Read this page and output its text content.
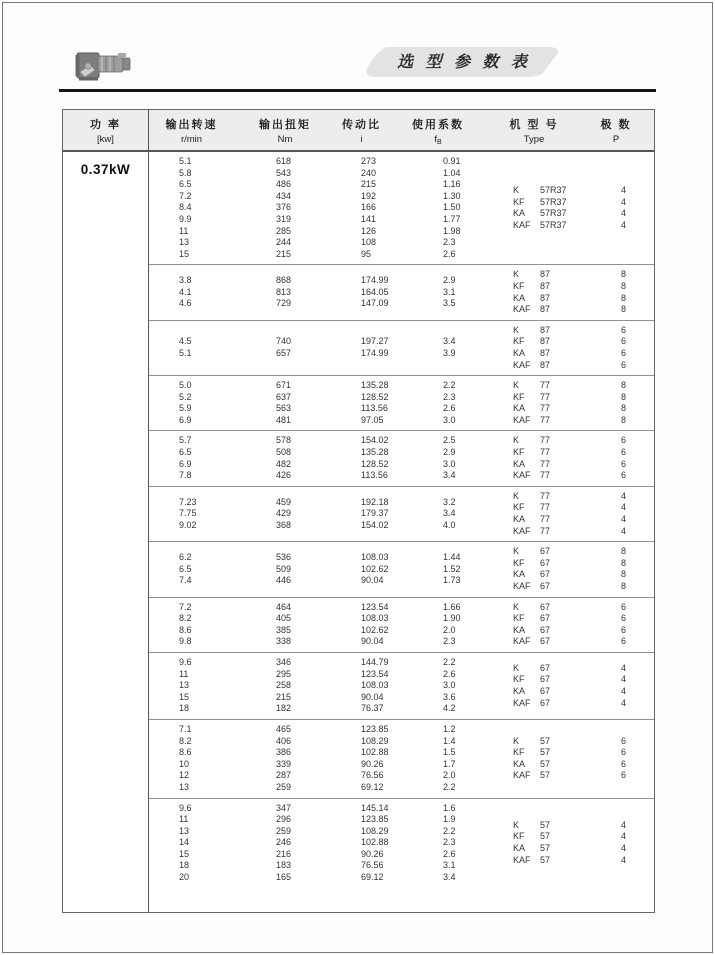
选 型 参 数 表
功 率
[kw]
输出转速
r/min
输出扭矩
Nm
传动比
i
使用系数
$f_B$
机 型 号
Type
极 数
P
0.37kW
5.1
5.8
6.5
7.2
8.4
9.9
11
13
15
618
543
486
434
376
319
285
244
215
273
240
215
192
166
141
126
108
95
0.91
1.04
1.16
1.30
1.50
1.77
1.98
2.3
2.6
K 57R37
KF 57R37
KA 57R37
KAF 57R37
4
4
4
4
3.8
4.1
4.6
868
813
729
174.99
164.05
147.09
2.9
3.1
3.5
K 87
KF 87
KA 87
KAF 87
8
8
8
8
4.5
5.1
740
657
197.27
174.99
3.4
3.9
K 87
KF 87
KA 87
KAF 87
6
6
6
6
5.0
5.2
5.9
6.9
671
637
563
481
135.28
128.52
113.56
97.05
2.2
2.3
2.6
3.0
K 77
KF 77
KA 77
KAF 77
8
8
8
8
5.7
6.5
6.9
7.8
578
508
482
426
154.02
135.28
128.52
113.56
2.5
2.9
3.0
3.4
K 77
KF 77
KA 77
KAF 77
6
6
6
6
7.23
7.75
9.02
459
429
368
192.18
179.37
154.02
3.2
3.4
4.0
K 77
KF 77
KA 77
KAF 77
4
4
4
4
6.2
6.5
7.4
536
509
446
108.03
102.62
90.04
1.44
1.52
1.73
K 67
KF 67
KA 67
KAF 67
8
8
8
8
7.2
8.2
8.6
9.8
464
405
385
338
123.54
108.03
102.62
90.04
1.66
1.90
2.0
2.3
K 67
KF 67
KA 67
KAF 67
6
6
6
6
9.6
11
13
15
18
346
295
258
215
182
144.79
123.54
108.03
90.04
76.37
2.2
2.6
3.0
3.6
4.2
K 67
KF 67
KA 67
KAF 67
4
4
4
4
7.1
8.2
8.6
10
12
13
465
406
386
339
287
259
123.85
108.29
102.88
90.26
76.56
69.12
1.2
1.4
1.5
1.7
2.0
2.2
K 57
KF 57
KA 57
KAF 57
6
6
6
6
9.6
11
13
14
15
18
20
347
296
259
246
216
183
165
145.14
123.85
108.29
102.88
90.26
76.56
69.12
1.6
1.9
2.2
2.3
2.6
3.1
3.4
K 57
KF 57
KA 57
KAF 57
4
4
4
4
